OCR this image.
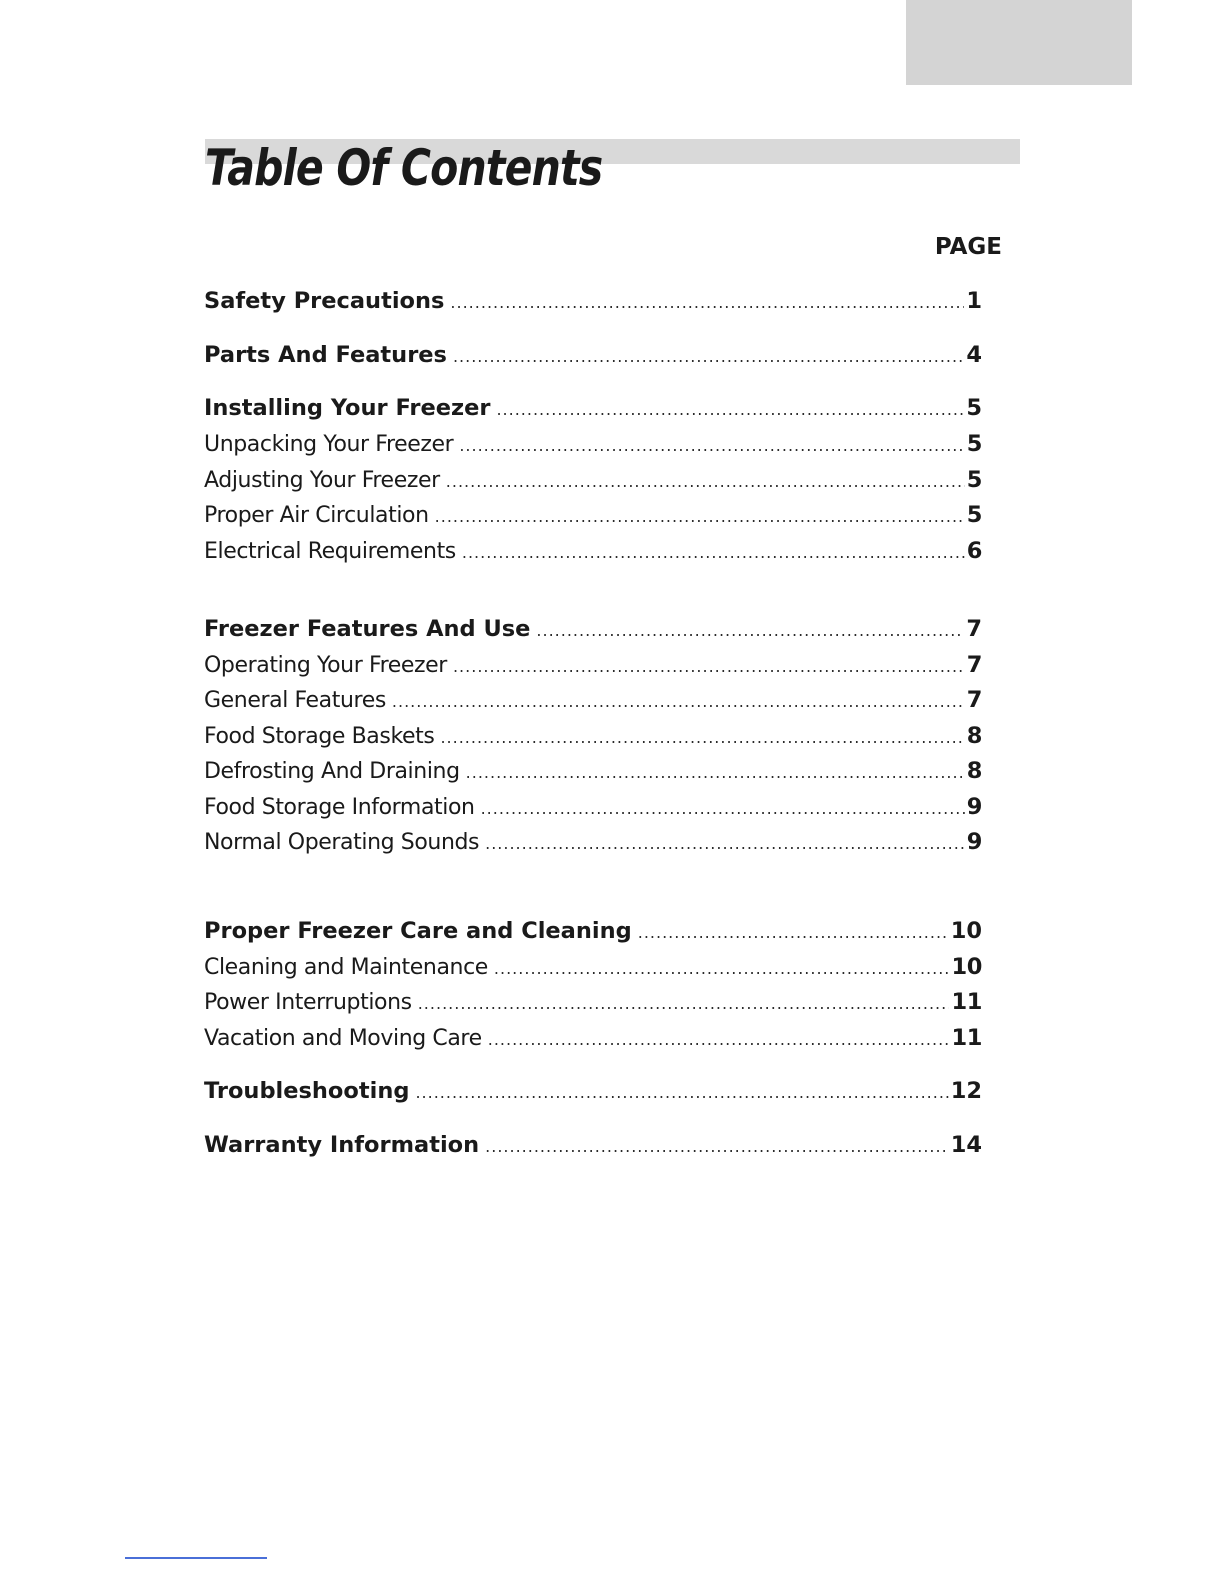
Table Of Contents
PAGE
Safety Precautions .....	1
Parts And Features .....	4
Installing Your Freezer .....	5
Unpacking Your Freezer .....	5
Adjusting Your Freezer .....	5
Proper Air Circulation .....	5
Electrical Requirements .....	6
Freezer Features And Use .....	7
Operating Your Freezer .....	7
General Features .....	7
Food Storage Baskets .....	8
Defrosting And Draining .....	8
Food Storage Information .....	9
Normal Operating Sounds .....	9
Proper Freezer Care and Cleaning .....	10
Cleaning and Maintenance .....	10
Power Interruptions .....	11
Vacation and Moving Care .....	11
Troubleshooting .....	12
Warranty Information .....	14
